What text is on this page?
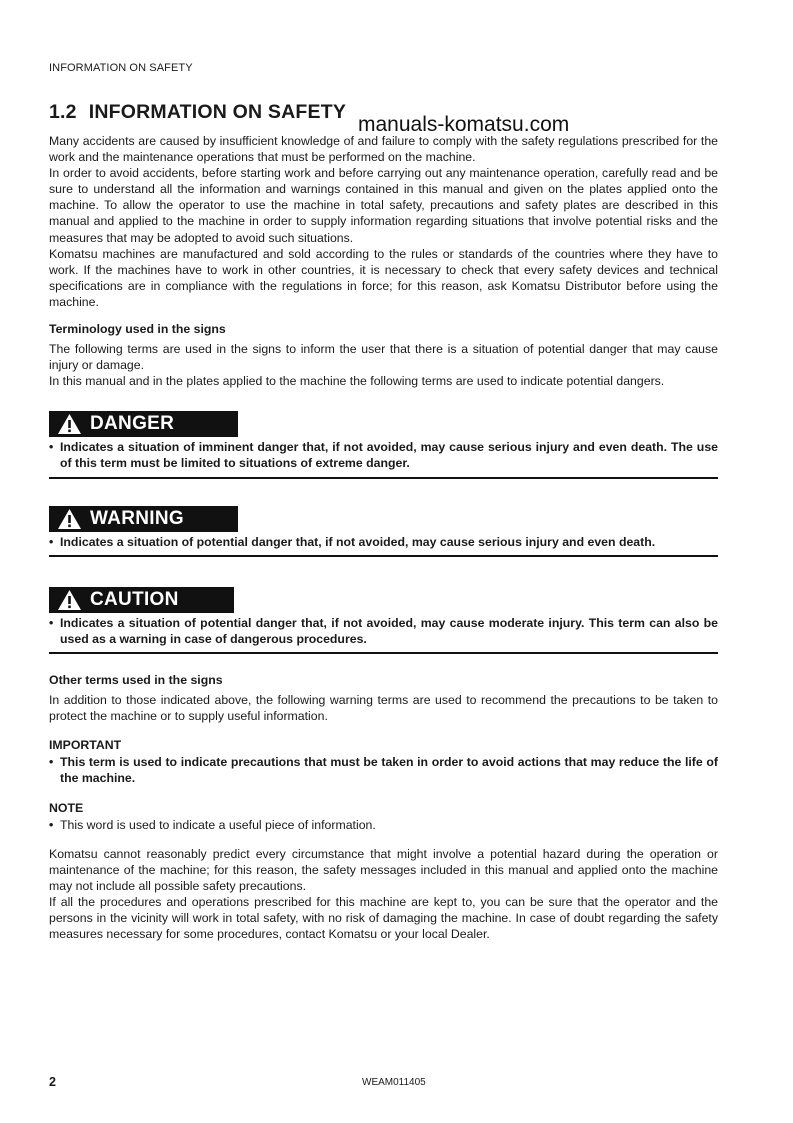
INFORMATION ON SAFETY
1.2 INFORMATION ON SAFETY
manuals-komatsu.com

Many accidents are caused by insufficient knowledge of and failure to comply with the safety regulations prescribed for the work and the maintenance operations that must be performed on the machine.

In order to avoid accidents, before starting work and before carrying out any maintenance operation, carefully read and be sure to understand all the information and warnings contained in this manual and given on the plates applied onto the machine. To allow the operator to use the machine in total safety, precautions and safety plates are described in this manual and applied to the machine in order to supply information regarding situations that involve potential risks and the measures that may be adopted to avoid such situations.

Komatsu machines are manufactured and sold according to the rules or standards of the countries where they have to work. If the machines have to work in other countries, it is necessary to check that every safety devices and technical specifications are in compliance with the regulations in force; for this reason, ask Komatsu Distributor before using the machine.

Terminology used in the signs

The following terms are used in the signs to inform the user that there is a situation of potential danger that may cause injury or damage.

In this manual and in the plates applied to the machine the following terms are used to indicate potential dangers.

DANGER
• Indicates a situation of imminent danger that, if not avoided, may cause serious injury and even death. The use of this term must be limited to situations of extreme danger.
WARNING
• Indicates a situation of potential danger that, if not avoided, may cause serious injury and even death.
CAUTION
• Indicates a situation of potential danger that, if not avoided, may cause moderate injury. This term can also be used as a warning in case of dangerous procedures.
Other terms used in the signs

In addition to those indicated above, the following warning terms are used to recommend the precautions to be taken to protect the machine or to supply useful information.

IMPORTANT
• This term is used to indicate precautions that must be taken in order to avoid actions that may reduce the life of the machine.
NOTE
• This word is used to indicate a useful piece of information.

Komatsu cannot reasonably predict every circumstance that might involve a potential hazard during the operation or maintenance of the machine; for this reason, the safety messages included in this manual and applied onto the machine may not include all possible safety precautions.

If all the procedures and operations prescribed for this machine are kept to, you can be sure that the operator and the persons in the vicinity will work in total safety, with no risk of damaging the machine. In case of doubt regarding the safety measures necessary for some procedures, contact Komatsu or your local Dealer.

2	WEAM011405
